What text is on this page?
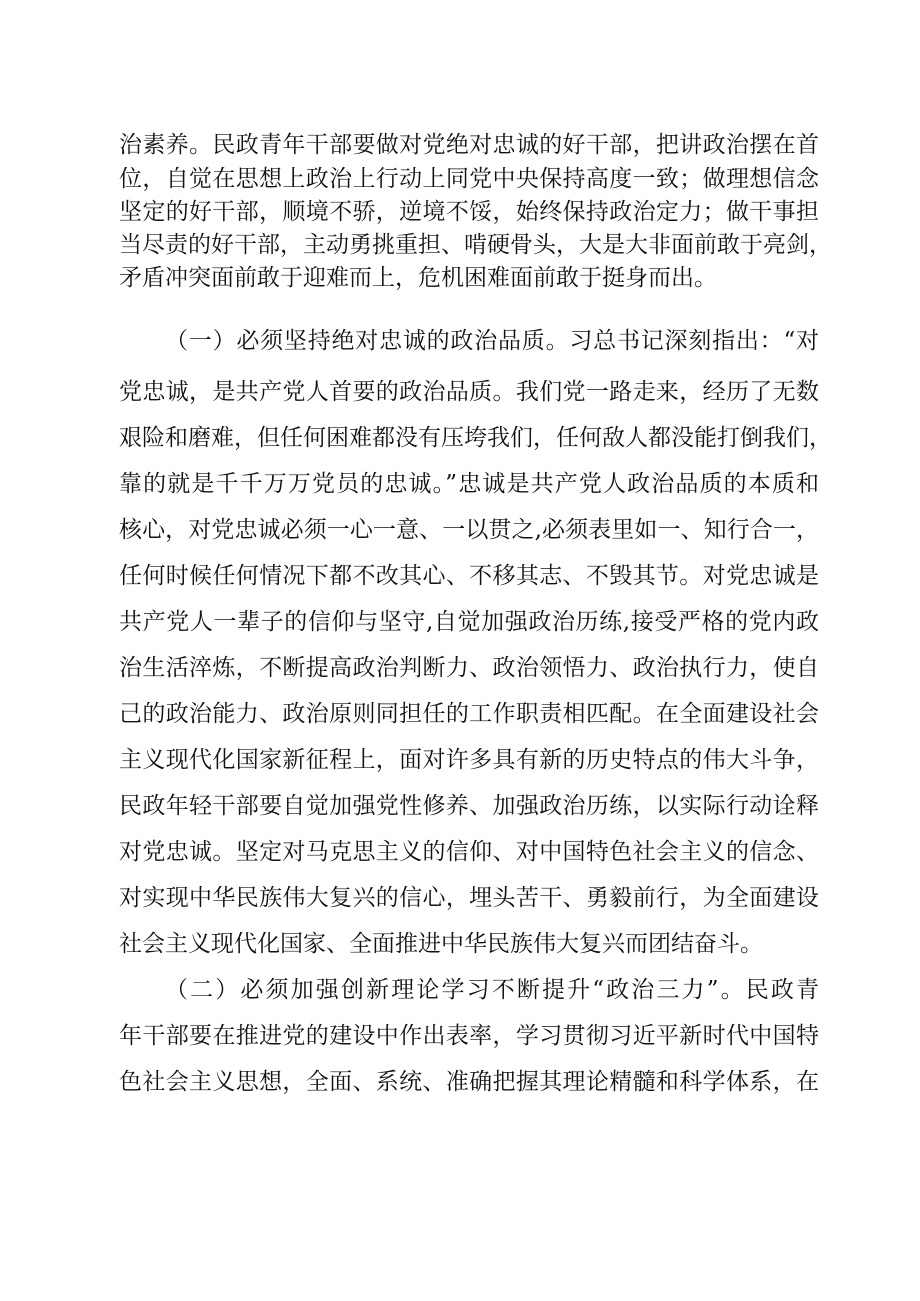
治素养。民政青年干部要做对党绝对忠诚的好干部，把讲政治摆在首
位，自觉在思想上政治上行动上同党中央保持高度一致；做理想信念
坚定的好干部，顺境不骄，逆境不馁，始终保持政治定力；做干事担
当尽责的好干部，主动勇挑重担、啃硬骨头，大是大非面前敢于亮剑，
矛盾冲突面前敢于迎难而上，危机困难面前敢于挺身而出。
（一）必须坚持绝对忠诚的政治品质。习总书记深刻指出：“对
党忠诚，是共产党人首要的政治品质。我们党一路走来，经历了无数
艰险和磨难，但任何困难都没有压垮我们，任何敌人都没能打倒我们，
靠的就是千千万万党员的忠诚。”忠诚是共产党人政治品质的本质和
核心，对党忠诚必须一心一意、一以贯之,必须表里如一、知行合一，
任何时候任何情况下都不改其心、不移其志、不毁其节。对党忠诚是
共产党人一辈子的信仰与坚守,自觉加强政治历练,接受严格的党内政
治生活淬炼，不断提高政治判断力、政治领悟力、政治执行力，使自
己的政治能力、政治原则同担任的工作职责相匹配。在全面建设社会
主义现代化国家新征程上，面对许多具有新的历史特点的伟大斗争，
民政年轻干部要自觉加强党性修养、加强政治历练，以实际行动诠释
对党忠诚。坚定对马克思主义的信仰、对中国特色社会主义的信念、
对实现中华民族伟大复兴的信心，埋头苦干、勇毅前行，为全面建设
社会主义现代化国家、全面推进中华民族伟大复兴而团结奋斗。
（二）必须加强创新理论学习不断提升“政治三力”。民政青
年干部要在推进党的建设中作出表率，学习贯彻习近平新时代中国特
色社会主义思想，全面、系统、准确把握其理论精髓和科学体系，在
